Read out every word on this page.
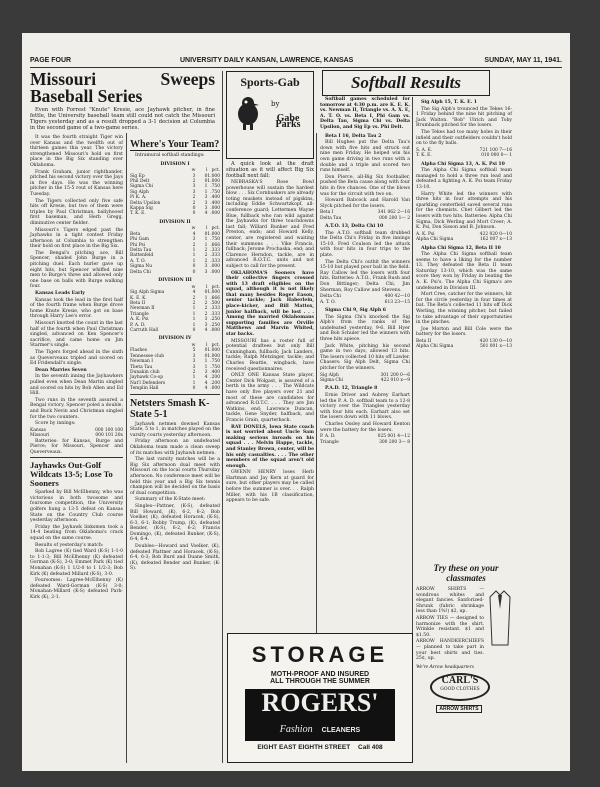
PAGE FOUR	UNIVERSITY DAILY KANSAN, LAWRENCE, KANSAS	SUNDAY, MAY 11, 1941.
Missouri Sweeps Baseball Series

Even with Forrest "Knute" Kresie, ace Jayhawk pitcher, in fine fettle, the University baseball team still could not catch the Missouri Tigers yesterday and as a result dropped a 3-1 decision at Columbia in the second game of a two-game series.

It was the fourth straight Tiger win over Kansas and the twelfth out of thirteen games this year. The victory strengthened Missouri's hold on first place in the Big Six standing over Oklahoma.

Frank Graham, junior righthander, pitched his second victory over the Jays in five days. He was the winning pitcher in the 15-5 rout of Kansas here Tuesday.

The Tigers collected only five safe hits off Kresie, but two of them were triples by Paul Christman, ballyhooed first baseman, and Herb Gregg, diminutive center fielder.

Missouri's Tigers edged past the Jayhawks in a tight contest Friday afternoon at Columbia to strengthen their hold on first place in the Big Six.

The Bengal's pitching ace, Bill Spencer, shaded John Burge in a pitching duel. Each hurler gave up eight hits, but Spencer whiffed nine men to Burge's three and allowed only one base on balls with Burge walking four.

Kansas Leads Early

Kansas took the lead in the first half of the fourth frame when Burge drove home Knute Kresie, who got on base through Harry Lee's error.

Missouri knotted the count in the last half of the fourth when Paul Christman singled, advanced on Ken Spencer's sacrifice, and came home on Jim Starmer's single.

The Tigers forged ahead in the sixth as Queverveaux tripled and scored on Ed Fridendall's single.

Dean Marries Seven

In the seventh inning the Jayhawkers pulled even when Dean Martin singled and scored on hits by Bob Allen and Ed Hill.

Two runs in the seventh assured a Bengal victory. Spencer poled a double, and Buck Nevin and Christman singled for the two counters.

Score by innings:

Kansas	000 100 100
Missouri	000 101 20x

Batteries: for Kansas, Burge and Pierce; for Missouri, Spencer and Queverveaux.

Jayhawks Out-Golf Wildcats 13-5; Lose To Sooners

Sparked by Bill McElhenny, who was victorious in both twosome and foursome competition, the University golfers hung a 13-5 defeat on Kansas State on the Country Club course yesterday afternoon.

Friday the Jayhawk linksmen took a 14-4 beating from Oklahoma's crack squad on the same course.

Results of yesterday's match:

Bob Lagree (K) tied Ward (K-S) 1-1-0 to 1-1-3; Bill McElhenny (K) defeated Gorman (K-S), 3-0; Emmet Park (K) tied Monahan (K-S) 1 1/2-0 to 1 1/2-3; Bob Kirk (K) defeated Millard (K-S), 3-0.

Foursomes: Lagree-McElhenny (K) defeated Ward-Gorman (K-S) 3-0; Monahan-Millard (K-S) defeated Park-Kirk (K), 2-1.

Where's Your Team?

Intramural softball standings:

DIVISION I
	w	l	pct.
Sig Ep	3	0	1.000
Phil Delt	2	0	1.000
Sigma Chi	3	1	.750
Sig Alph	3	1	.750
Pi K. A.	2	3	.400
Delta Upsilon	2	3	.400
Kappa Sig	0	3	.000
T. K. E.	0	4	.000
DIVISION II
	w	l	pct.
Beta	4	0	1.000
Phi Gam	3	1	.750
Phi Psi	2	1	.666
Delta Tau	1	2	.333
Battenfeld	1	2	.333
A. T. O.	1	2	.333
Sigma Nu	0	3	.000
Delta Chi	0	3	.000
DIVISION III
	w	l	pct.
Sig Alph Sigma	4	0	1.000
K. E. K.	2	1	.666
Beta II	2	2	.500
Newman II	1	2	.333
Triangle	1	2	.333
A. K. Psi	1	3	.250
P. A. D.	1	3	.250
Carruth Hall	0	4	.000
DIVISION IV
	w	l	pct.
Flashes	5	0	1.000
Tennessee club	3	0	1.000
Newman I	3	1	.750
Theta Tau	3	1	.750
Dunakin club	2	3	.400
Jayhawk Co-op	1	4	.200
Nat'l Defenders	1	4	.200
Templin Hall	0	4	.000
Netsters Smash K-State 5-1

Jayhawk netmen downed Kansas State, 5 to 1, in matches played on the varsity courts yesterday afternoon.

Friday afternoon an undefeated Oklahoma team made a clean sweep of its matches with Jayhawk netmen.

The last varsity matches will be a Big Six afternoon dual meet with Missouri on the local courts Thursday afternoon. No conference meet will be held this year and a Big Six tennis champion will be decided on the basis of dual competition.

Summary of the K-State meet:

Singles—Pattner, (K-S), defeated Bill Howard, (K), 6-2, 6-2; Bob Voelker, (K), defeated Horacek, (K-S), 6-3, 6-1; Bobby Trump, (K), defeated Bender, (K-S), 6-2, 6-2; Francis Domingo, (K), defeated Bunker, (K-S), 6-4, 6-4.

Doubles—Howard and Voelker, (K), defeated Plattner and Horacek, (K-S), 6-4, 6-3; Bob Burd and Duane Smith, (K), defeated Bender and Bunker, (K-S).

Sports-Gab
by
Gabe Parks

A quick look at the draft situation as it will affect Big Six football next fall:

NEBRASKA'S Rose Bowl powerhouse will sustain the hardest blow . . . Six Cornhuskers are already toting muskets instead of pigskins, including Eddie Schwartzkopf, all-conference guard; Lettermen Wayne Blue, fullback who ran wild against the Jayhawks for three touchdowns last fall; Willard Bunker and Fred Preston, ends; and Howard Kelly, center, are registered and waiting their summons . . . Vike Francis, fullback; Jerome Prochaska, end; and Clarence Herndon, tackle, are in advanced R.O.T.C. units and not subject to call for the present.

OKLAHOMA'S Sooners have their collective fingers crossed with 13 draft eligibles on the squad, although it is not likely that many besides Roger Eason, senior tackle; Jack Haberlein, place-kicker, and Bill Mattox, junior halfback, will be lost . . . Among the married Oklahomans supporting families are Orville Matthews and Marvin Whited, star backs.

MISSOURI has a roster full of potential draftees but only Bill Cunningham, fullback; Jack Landers, tackle; Ralph Metzinger, tackle; and Charles Beattie, wingback, have received questionnaires.

ONLY ONE Kansas State player, Center Dick Wolgast, is assured of a berth in the army . . . The Wildcats have only five players over 21 and most of these are candidates for advanced R.O.T.C. . . . They are Jim Watkins, end; Lawrence Duncan, tackle, Gene Snyder, halfback, and Francis Grain, quarterback.

RAY DONELS, Iowa State coach is not worried about Uncle Sam making serious inroads on his squad . . . Melvin Happe, tackle, and Stanley Brown, center, will be his only casualties. . . . The other members of the squad aren't old enough.

GWENN HENRY loses Herb Hartman and Jay Kern at guard for sure, but other players may be called before the summer is over. . . Ralph Miller, with his 1B classification, appears to be safe.

Softball Results

Softball games scheduled for tomorrow at 4:30 p.m. are K. E. K. vs. Newman II, Triangle vs. A. X. E, A. T. O. vs. Beta I, Phi Gam vs. Delta Tau, Sigma Chi vs. Delta Upsilon, and Sig Ep vs. Phi Delt.

Beta I 16, Delta Tau 2

Bill Hughes put the Delta Tau's down with five hits and struck out nine men Friday. He helped win his own game driving in two runs with a double and a triple and scored two runs himself.

Don Pierce, all-Big Six footballer, pushed the Beta cause along with four hits in five chances. One of the blows was for the circuit with two on.

Howard Babcock and Harold Van Slyck pitched for the losers.

Beta I	341 062 2—16
Delta Tau	000 200 1— 2

A.T.O. 13, Delta Chi 10

The A.T.O. softball team drubbed the Delta Chi's Friday in five innings 15-10. Fred Coulson led the attack with four hits in four trips to the plate.

The Delta Chi's outhit the winners 15-10 but played poor ball in the field. Ray Callow led the losers with four hits. Batteries: A.T.O., Frank Rush and Don Bittinger; Delta Chi, Jim Sherman, Roy Callow and Stevens.

Delta Chi	400 42—10
A. T. O.	613 23—15

Sigma Chi 9, Sig Alph 6

The Sigma Chi's knocked the Sig Alph's from the ranks of the undefeated yesterday, 9-6. Bill Hyer and Bob Schuler led the winners with three hits apiece.

Jack White, pitching his second game in two days, allowed 13 hits. The losers collected 10 hits off Lawler. Chasers: Sig Alph Delt, Sigma Chi pitcher for the winners.

Sig Alph	301 200 0—6
Sigma Chi	422 010 x—9

P.A.D. 12, Triangle 8

Ernie Driver and Aubrey Earhart led the P. A. D. softball team to a 12-8 victory over the Triangles yesterday with four hits each. Earhart also set the losers down with 11 blows.

Charles Ossley and Howard Kenton were the battery for the losers.

P. A. D.	025 001 4—12
Triangle	300 200 3— 8

Sig Alph 15, T. K. E. 1

The Sig Alph's trounced the Tekes 16-1 Friday behind the nine hit pitching of Jack Walton. "Bob" Ulrich and Toby Brumback pitched for the losers.

The Tekes had too many holes in their infield and their outfielders couldn't hold on to the fly balls.

S. A. E.	721 100 7—16
T. K. E.	010 000 0— 1

Alpha Chi Sigma 13, A. K. Psi 10

The Alpha Chi Sigma softball team managed to hold a three run lead and defeated a fighting A. K. Psi team Friday 13-10.

Harry White led the winners with three hits in four attempts and his sparkling centerfield saved several runs for the chemists. Chet Gilbert led the losers with two hits. Batteries: Alpha Chi Sigma, Dick Werling and Mort Creer; A. K. Psi, Don Sisson and B. Johnson.

A. K. Psi	422 020 0—10
Alpha Chi Sigma	162 007 x—13

Alpha Chi Sigma 12, Beta II 10

The Alpha Chi Sigma softball team seems to have a liking for the number 13. They defeated the Beta II team Saturday 13-10, which was the same score they won by Friday in beating the A. K. Psi's. The Alpha Chi Sigma's are undefeated in Division III.

Mort Cree, catcher for the winners, hit for the circle yesterday in four times at bat. The Beta's collected 11 hits off Dick Werling, the winning pitcher, but failed to take advantage of their opportunities in the pinches.

Joe Morton and Bill Cole were the battery for the losers.

Beta II	420 130 0—10
Alpha Chi Sigma	501 001 x—13
STORAGE
MOTH-PROOF AND INSURED
ALL THROUGH THE SUMMER
ROGERS'
Fashion CLEANERS
EIGHT EAST EIGHTH STREET Call 408
Try these on your classmates

ARROW SHIRTS — wondrous whites and elegant fancies. Sanforized-Shrunk (fabric shrinkage less than 1%!) $2, up.

ARROW TIES — designed to harmonize with the shirt. Wrinkle resistant. $1 and $1.50.

ARROW HANDKERCHIEFS — planned to take part in your best shirts and ties. 25¢, up.

We're Arrow headquarters
CARL'S
GOOD CLOTHES
ARROW SHIRTS
